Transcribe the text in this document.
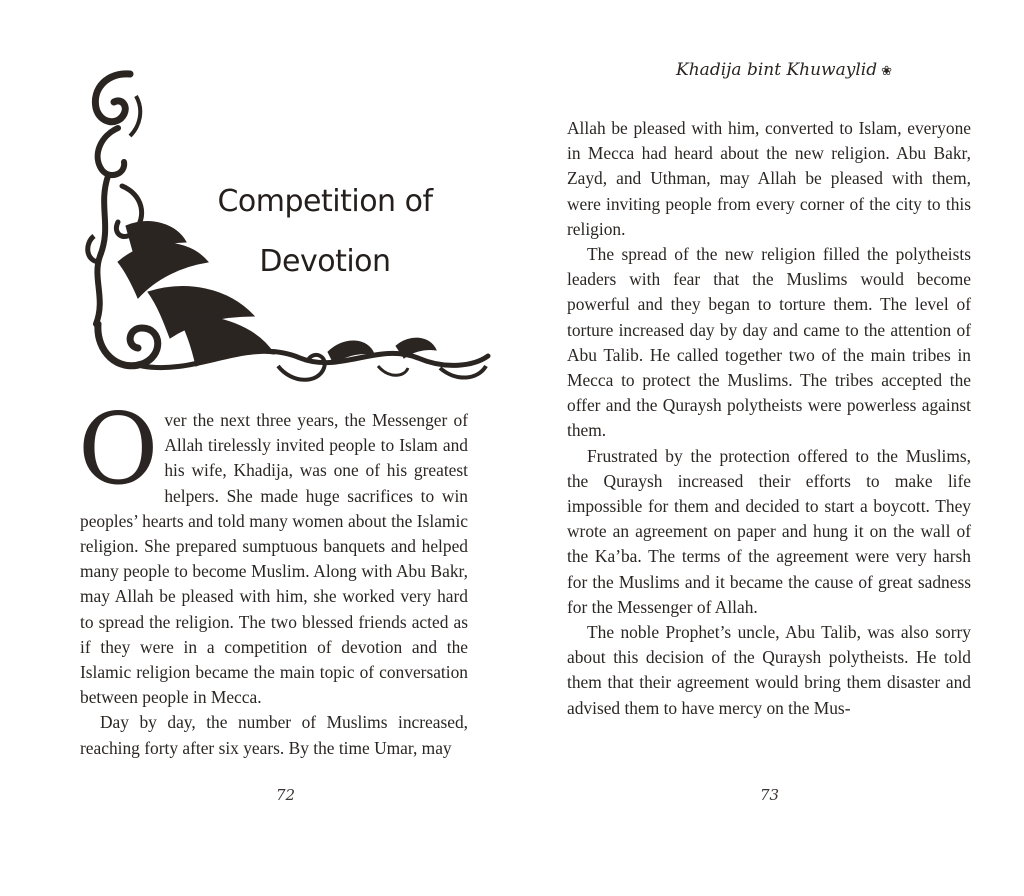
Competition of
Devotion

Over the next three years, the Messenger of Allah tirelessly invited people to Islam and his wife, Khadija, was one of his greatest helpers. She made huge sacrifices to win peoples’ hearts and told many women about the Islamic religion. She prepared sumptuous banquets and helped many people to become Muslim. Along with Abu Bakr, may Allah be pleased with him, she worked very hard to spread the religion. The two blessed friends acted as if they were in a competition of devotion and the Islamic religion became the main topic of conversation between people in Mecca.

Day by day, the number of Muslims increased, reaching forty after six years. By the time Umar, may

72
Khadija bint Khuwaylid ❀

Allah be pleased with him, converted to Islam, everyone in Mecca had heard about the new religion. Abu Bakr, Zayd, and Uthman, may Allah be pleased with them, were inviting people from every corner of the city to this religion.

The spread of the new religion filled the polytheists leaders with fear that the Muslims would become powerful and they began to torture them. The level of torture increased day by day and came to the attention of Abu Talib. He called together two of the main tribes in Mecca to protect the Muslims. The tribes accepted the offer and the Quraysh polytheists were powerless against them.

Frustrated by the protection offered to the Muslims, the Quraysh increased their efforts to make life impossible for them and decided to start a boycott. They wrote an agreement on paper and hung it on the wall of the Ka’ba. The terms of the agreement were very harsh for the Muslims and it became the cause of great sadness for the Messenger of Allah.

The noble Prophet’s uncle, Abu Talib, was also sorry about this decision of the Quraysh polytheists. He told them that their agreement would bring them disaster and advised them to have mercy on the Mus-

73
